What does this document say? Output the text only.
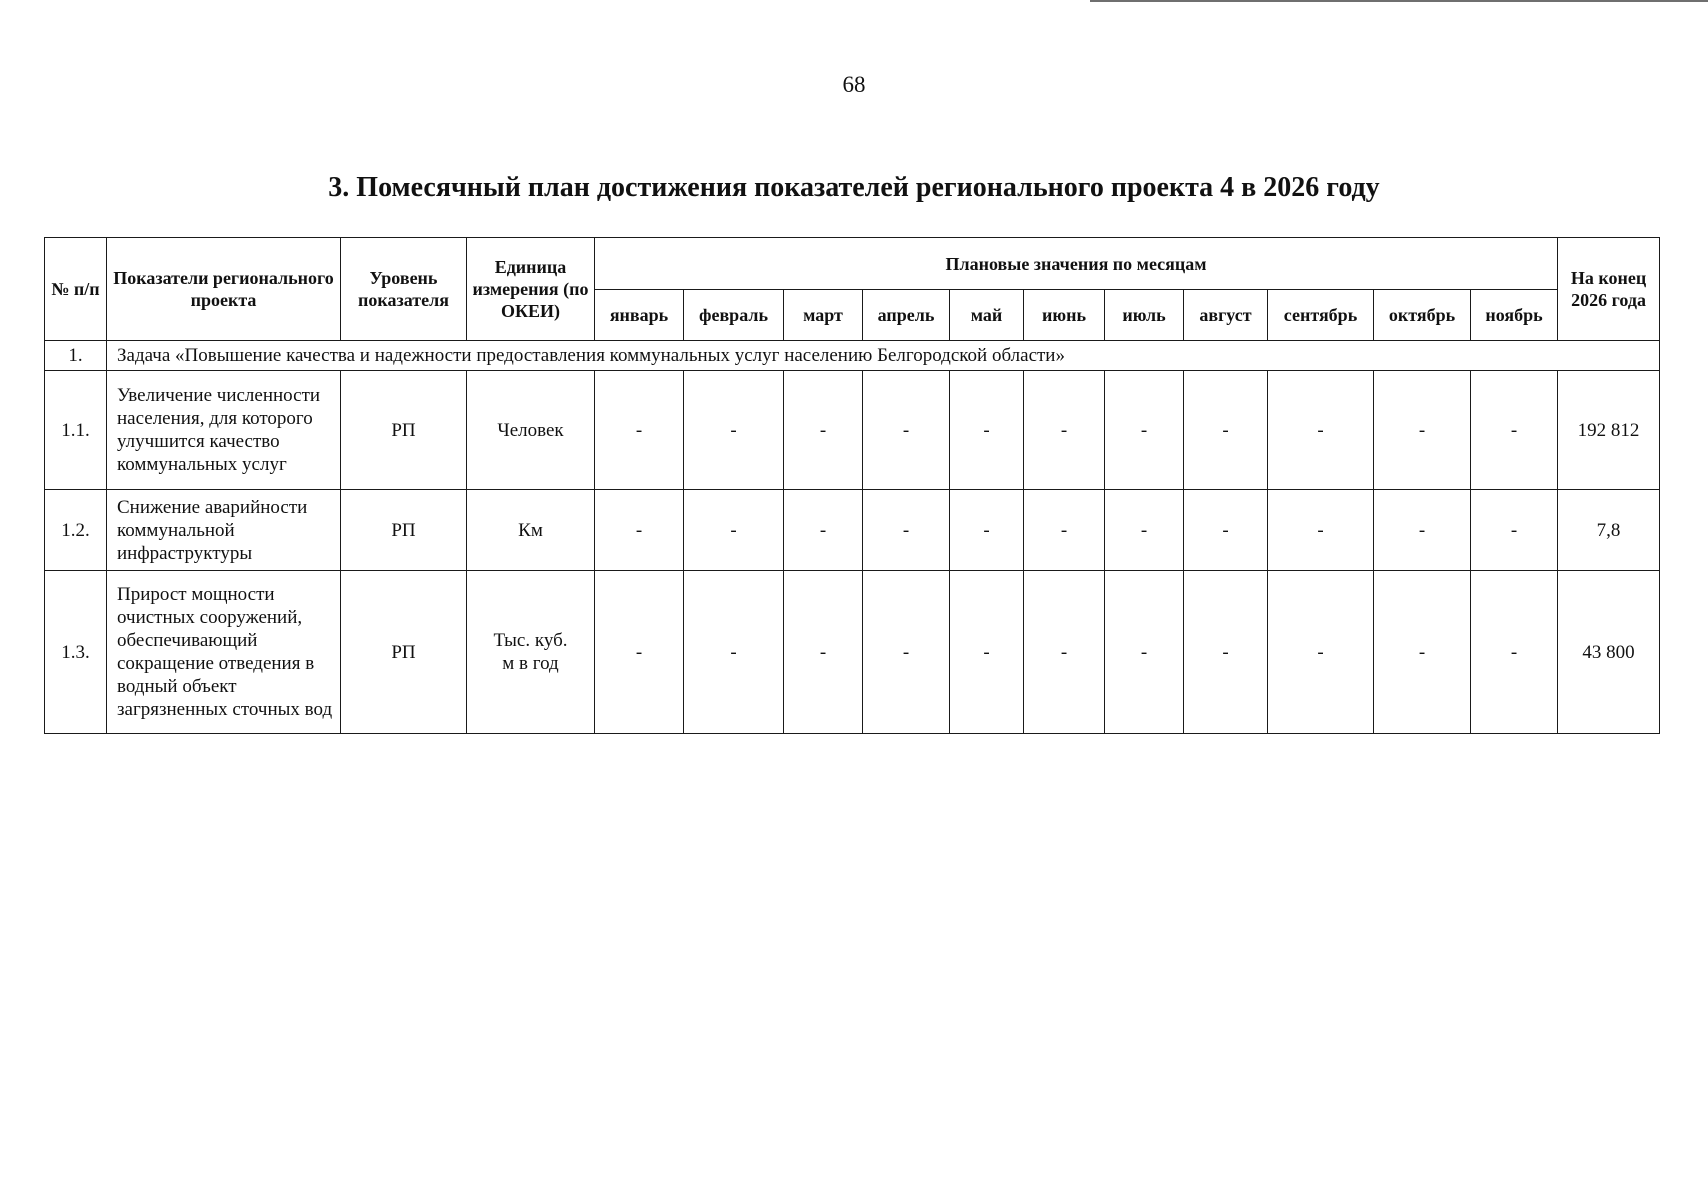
68
3. Помесячный план достижения показателей регионального проекта 4 в 2026 году
№ п/п	Показатели регионального проекта	Уровень показателя	Единица измерения (по ОКЕИ)	Плановые значения по месяцам											На конец 2026 года
				январь	февраль	март	апрель	май	июнь	июль	август	сентябрь	октябрь	ноябрь	
1.	Задача «Повышение качества и надежности предоставления коммунальных услуг населению Белгородской области»														
1.1.	Увеличение численности населения, для которого улучшится качество коммунальных услуг	РП	Человек	-	-	-	-	-	-	-	-	-	-	-	192 812
1.2.	Снижение аварийности коммунальной инфраструктуры	РП	Км	-	-	-	-	-	-	-	-	-	-	-	7,8
1.3.	Прирост мощности очистных сооружений, обеспечивающий сокращение отведения в водный объект загрязненных сточных вод	РП	Тыс. куб. м в год	-	-	-	-	-	-	-	-	-	-	-	43 800
